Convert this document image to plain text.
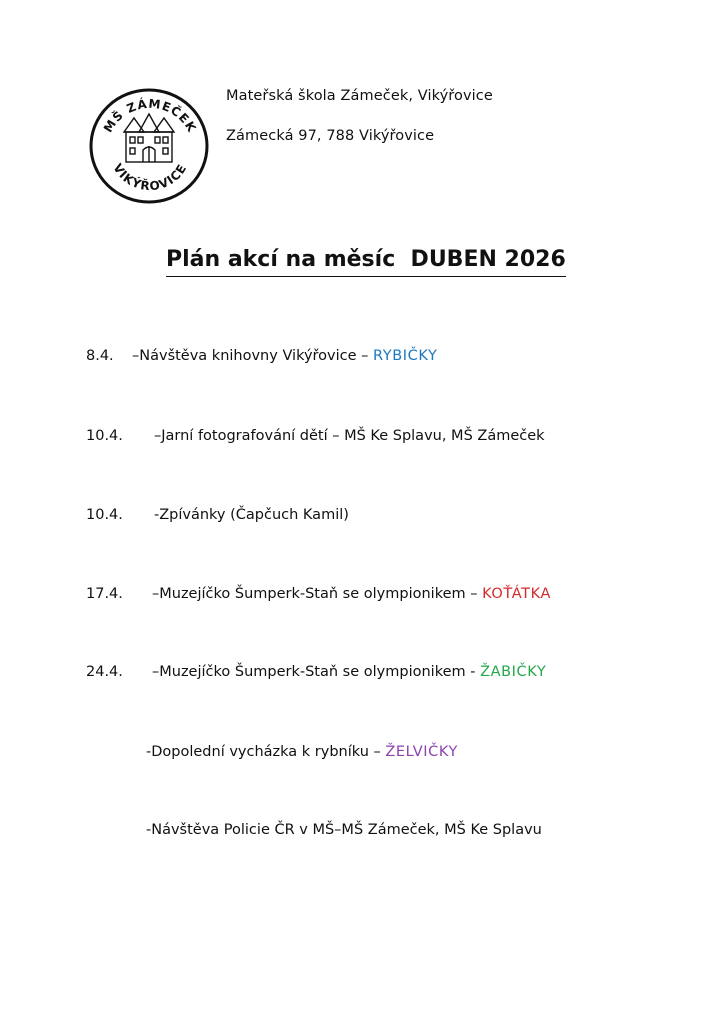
MŠ ZÁMEČEK
VIKÝŘOVICE
Mateřská škola Zámeček, Vikýřovice
Zámecká 97, 788 Vikýřovice
Plán akcí na měsíc  DUBEN 2026

8.4.

–Návštěva knihovny Vikýřovice – RYBIČKY

10.4.

–Jarní fotografování dětí – MŠ Ke Splavu, MŠ Zámeček

10.4.

-Zpívánky (Čapčuch Kamil)

17.4.

–Muzejíčko Šumperk-Staň se olympionikem – KOŤÁTKA

24.4.

–Muzejíčko Šumperk-Staň se olympionikem - ŽABIČKY

-Dopolední vycházka k rybníku – ŽELVIČKY

-Návštěva Policie ČR v MŠ–MŠ Zámeček, MŠ Ke Splavu
